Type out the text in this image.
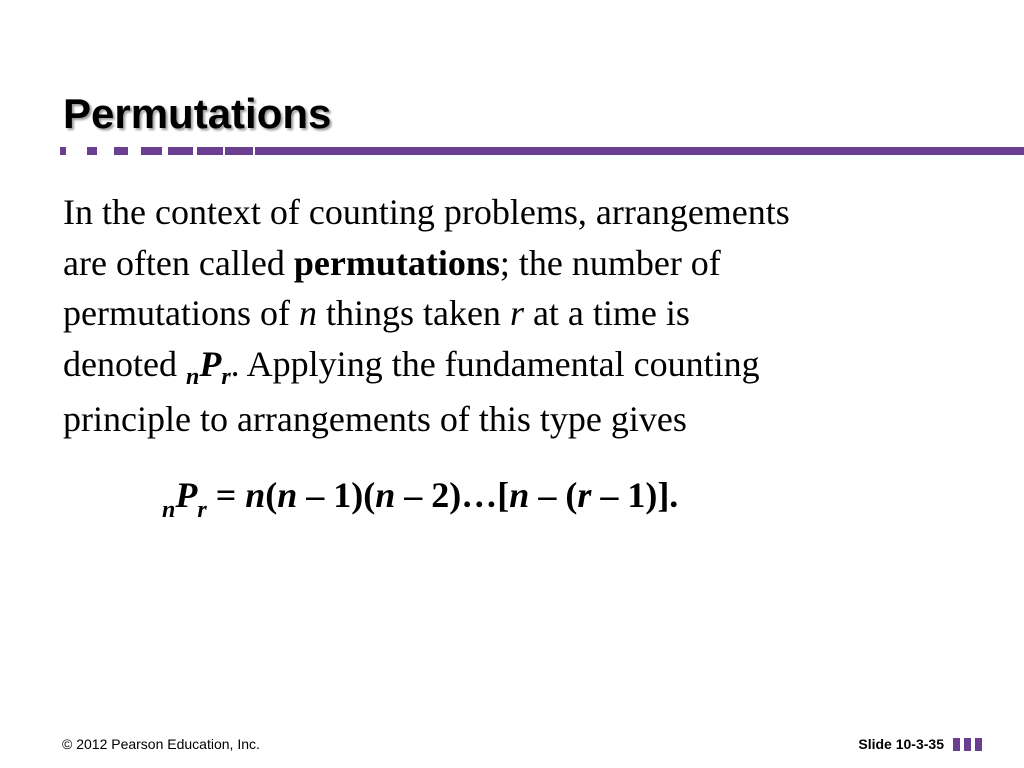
Permutations
In the context of counting problems, arrangements
are often called permutations; the number of
permutations of n things taken r at a time is
denoted $_nP_r$. Applying the fundamental counting
principle to arrangements of this type gives
$_nP_r = n(n - 1)(n$ – 2)…[n – (r – 1)].
© 2012 Pearson Education, Inc.	Slide 10-3-35
